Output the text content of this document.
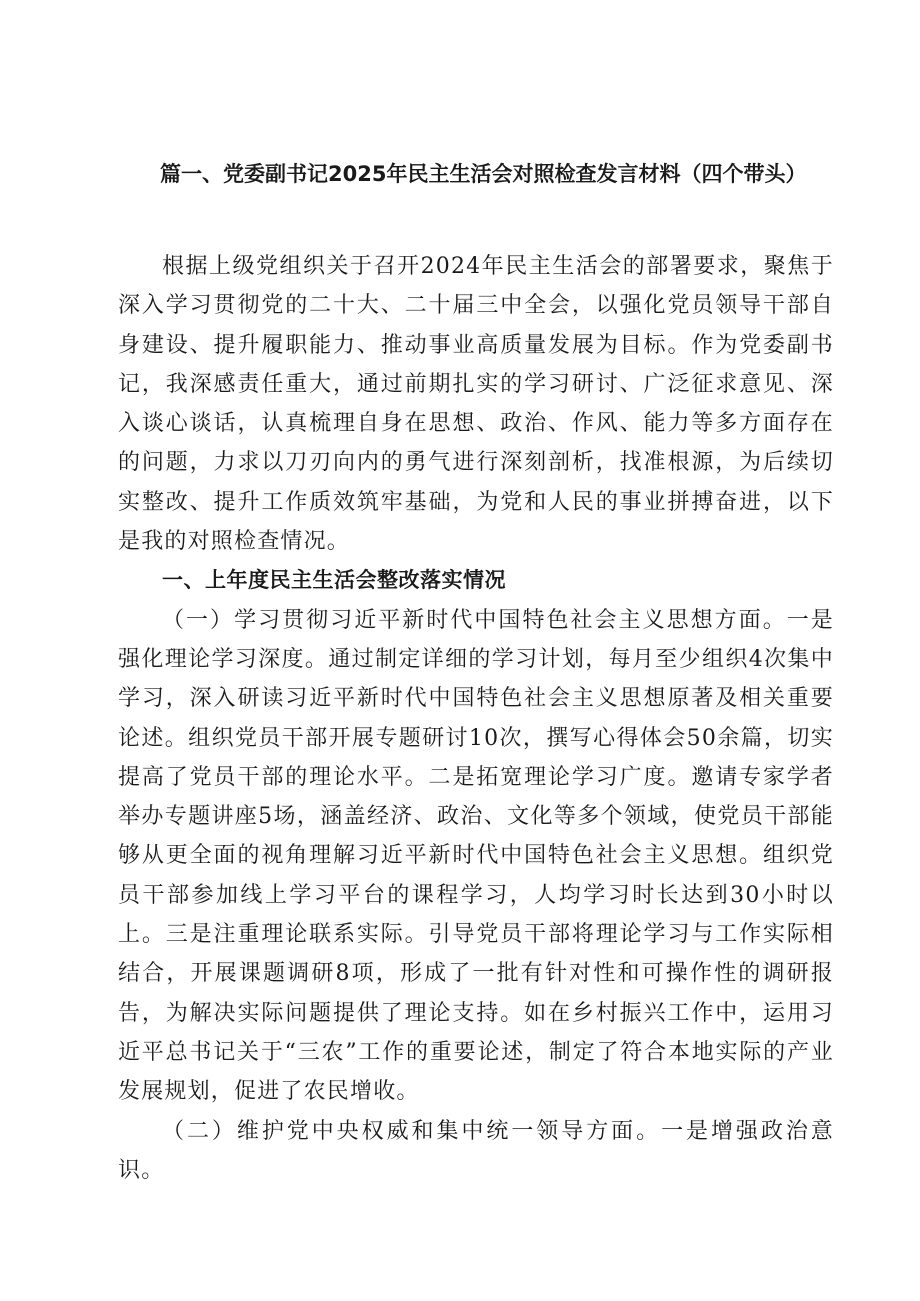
篇一、党委副书记2025年民主生活会对照检查发言材料（四个带头）

根据上级党组织关于召开2024年民主生活会的部署要求，聚焦于深入学习贯彻党的二十大、二十届三中全会，以强化党员领导干部自身建设、提升履职能力、推动事业高质量发展为目标。作为党委副书记，我深感责任重大，通过前期扎实的学习研讨、广泛征求意见、深入谈心谈话，认真梳理自身在思想、政治、作风、能力等多方面存在的问题，力求以刀刃向内的勇气进行深刻剖析，找准根源，为后续切实整改、提升工作质效筑牢基础，为党和人民的事业拼搏奋进，以下是我的对照检查情况。

一、上年度民主生活会整改落实情况

（一）学习贯彻习近平新时代中国特色社会主义思想方面。一是强化理论学习深度。通过制定详细的学习计划，每月至少组织4次集中学习，深入研读习近平新时代中国特色社会主义思想原著及相关重要论述。组织党员干部开展专题研讨10次，撰写心得体会50余篇，切实提高了党员干部的理论水平。二是拓宽理论学习广度。邀请专家学者举办专题讲座5场，涵盖经济、政治、文化等多个领域，使党员干部能够从更全面的视角理解习近平新时代中国特色社会主义思想。组织党员干部参加线上学习平台的课程学习，人均学习时长达到30小时以上。三是注重理论联系实际。引导党员干部将理论学习与工作实际相结合，开展课题调研8项，形成了一批有针对性和可操作性的调研报告，为解决实际问题提供了理论支持。如在乡村振兴工作中，运用习近平总书记关于“三农”工作的重要论述，制定了符合本地实际的产业发展规划，促进了农民增收。

（二）维护党中央权威和集中统一领导方面。一是增强政治意识。
